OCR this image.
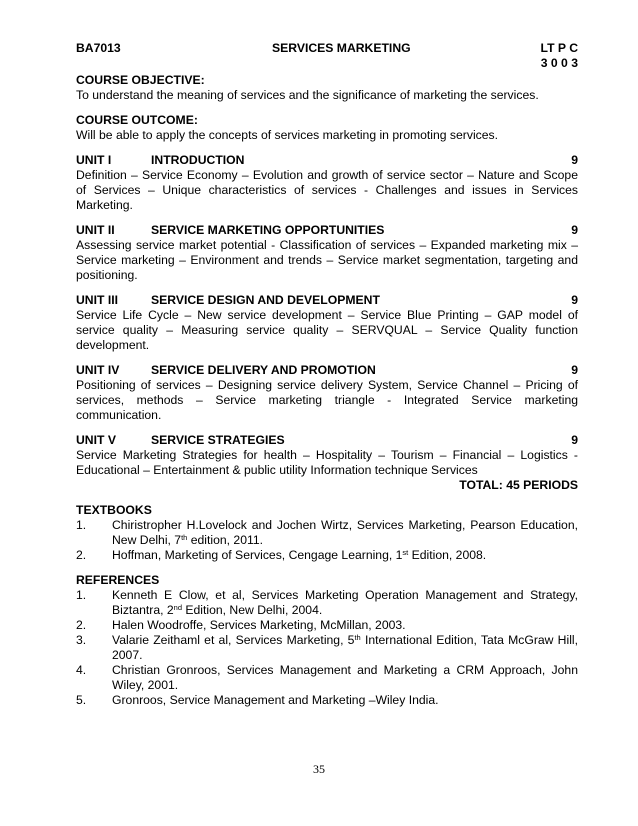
BA7013	SERVICES MARKETING	LT P C
3 0 0 3

COURSE OBJECTIVE:

To understand the meaning of services and the significance of marketing the services.

COURSE OUTCOME:

Will be able to apply the concepts of services marketing in promoting services.

UNIT I	INTRODUCTION	9

Definition – Service Economy – Evolution and growth of service sector – Nature and Scope of Services – Unique characteristics of services - Challenges and issues in Services Marketing.

UNIT II	SERVICE MARKETING OPPORTUNITIES	9

Assessing service market potential - Classification of services – Expanded marketing mix – Service marketing – Environment and trends – Service market segmentation, targeting and positioning.

UNIT III	SERVICE DESIGN AND DEVELOPMENT	9

Service Life Cycle – New service development – Service Blue Printing – GAP model of service quality – Measuring service quality – SERVQUAL – Service Quality function development.

UNIT IV	SERVICE DELIVERY AND PROMOTION	9

Positioning of services – Designing service delivery System, Service Channel – Pricing of services, methods – Service marketing triangle - Integrated Service marketing communication.

UNIT V	SERVICE STRATEGIES	9

Service Marketing Strategies for health – Hospitality – Tourism – Financial – Logistics - Educational – Entertainment & public utility Information technique Services

TOTAL: 45 PERIODS

TEXTBOOKS

1.	Chiristropher H.Lovelock and Jochen Wirtz, Services Marketing, Pearson Education, New Delhi, 7th edition, 2011.
2.	Hoffman, Marketing of Services, Cengage Learning, 1st Edition, 2008.

REFERENCES

1.	Kenneth E Clow, et al, Services Marketing Operation Management and Strategy, Biztantra, 2nd Edition, New Delhi, 2004.
2.	Halen Woodroffe, Services Marketing, McMillan, 2003.
3.	Valarie Zeithaml et al, Services Marketing, 5th International Edition, Tata McGraw Hill, 2007.
4.	Christian Gronroos, Services Management and Marketing a CRM Approach, John Wiley, 2001.
5.	Gronroos, Service Management and Marketing –Wiley India.
35
